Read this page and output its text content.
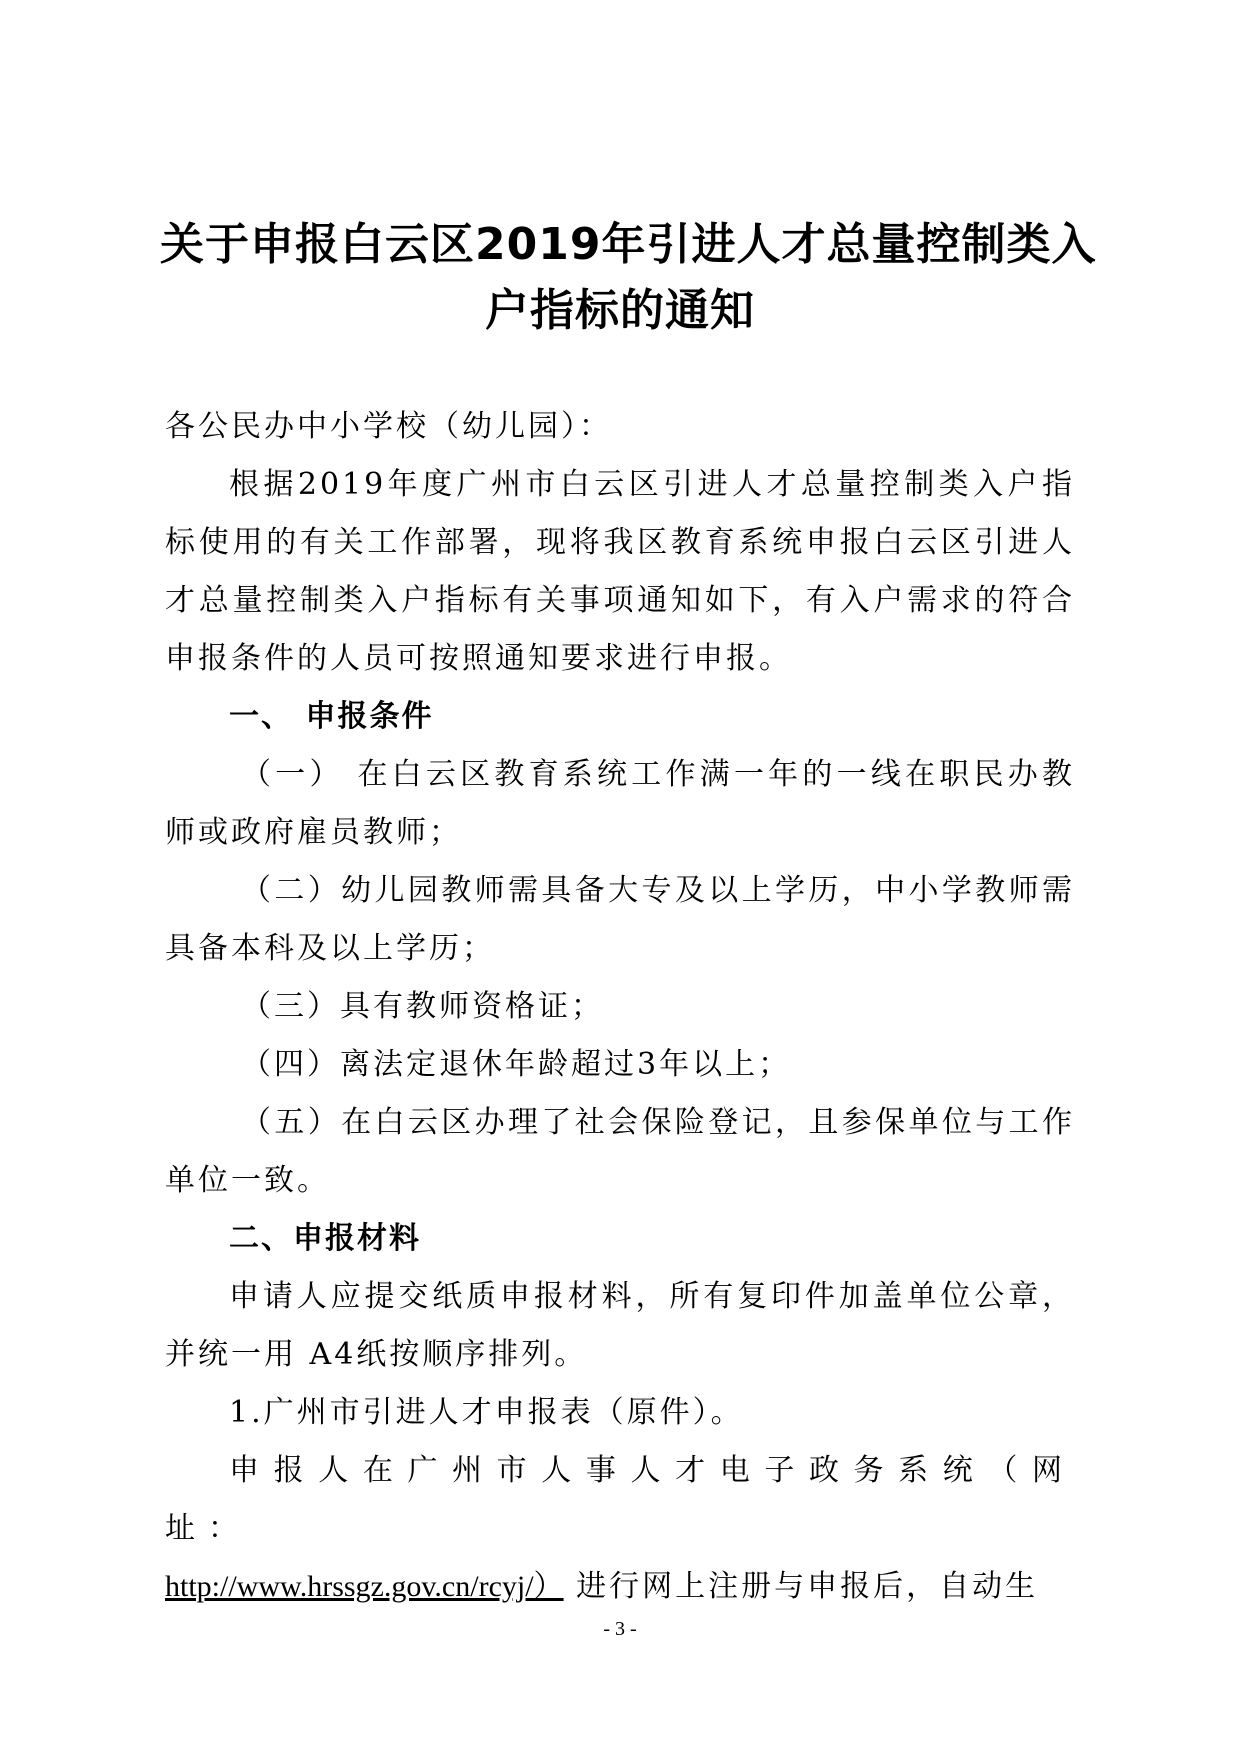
关于申报白云区2019年引进人才总量控制类入
户指标的通知

各公民办中小学校（幼儿园）：

根据2019年度广州市白云区引进人才总量控制类入户指标使用的有关工作部署，现将我区教育系统申报白云区引进人才总量控制类入户指标有关事项通知如下，有入户需求的符合申报条件的人员可按照通知要求进行申报。

一、 申报条件

（一） 在白云区教育系统工作满一年的一线在职民办教师或政府雇员教师；

（二）幼儿园教师需具备大专及以上学历，中小学教师需具备本科及以上学历；

（三）具有教师资格证；

（四）离法定退休年龄超过3年以上；

（五）在白云区办理了社会保险登记，且参保单位与工作单位一致。

二、申报材料

申请人应提交纸质申报材料，所有复印件加盖单位公章，并统一用 A4纸按顺序排列。

1.广州市引进人才申报表（原件）。

申报人在广州市人事人才电子政务系统（网址：
http://www.hrssgz.gov.cn/rcyj/） 进行网上注册与申报后，自动生

- 3 -
